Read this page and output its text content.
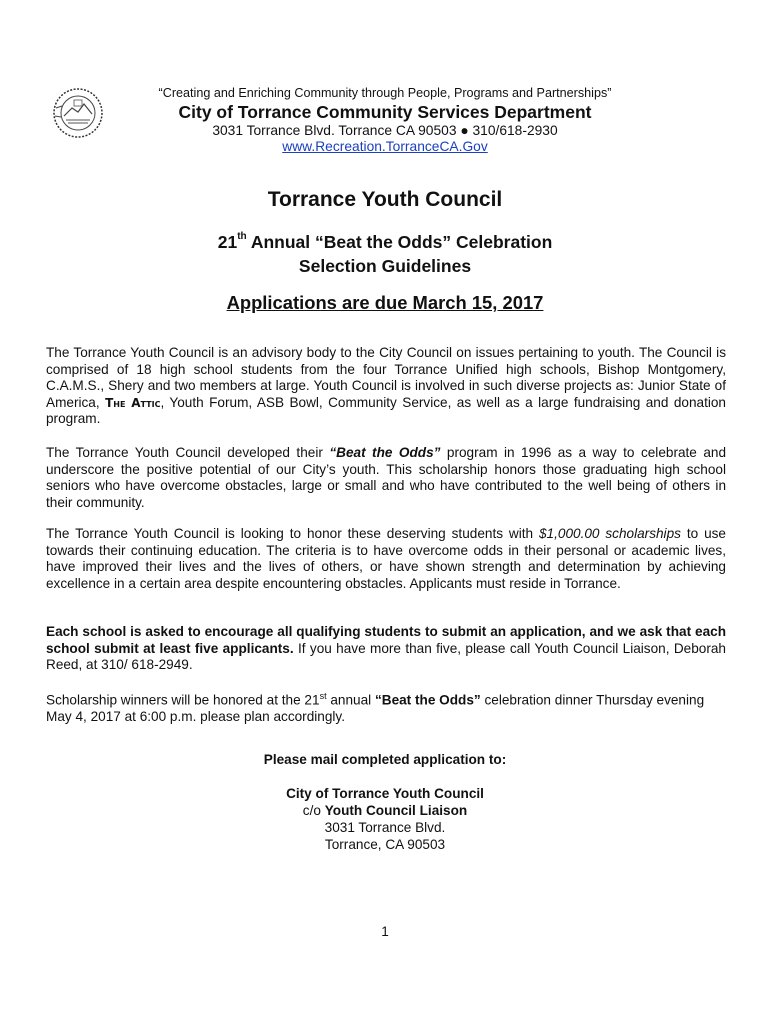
“Creating and Enriching Community through People, Programs and Partnerships”
City of Torrance Community Services Department
3031 Torrance Blvd. Torrance CA 90503 ● 310/618-2930
www.Recreation.TorranceCA.Gov
Torrance Youth Council
21th Annual “Beat the Odds” Celebration
Selection Guidelines
Applications are due March 15, 2017

The Torrance Youth Council is an advisory body to the City Council on issues pertaining to youth. The Council is comprised of 18 high school students from the four Torrance Unified high schools, Bishop Montgomery, C.A.M.S., Shery and two members at large. Youth Council is involved in such diverse projects as: Junior State of America, The Attic, Youth Forum, ASB Bowl, Community Service, as well as a large fundraising and donation program.

The Torrance Youth Council developed their “Beat the Odds” program in 1996 as a way to celebrate and underscore the positive potential of our City’s youth. This scholarship honors those graduating high school seniors who have overcome obstacles, large or small and who have contributed to the well being of others in their community.

The Torrance Youth Council is looking to honor these deserving students with $1,000.00 scholarships to use towards their continuing education. The criteria is to have overcome odds in their personal or academic lives, have improved their lives and the lives of others, or have shown strength and determination by achieving excellence in a certain area despite encountering obstacles. Applicants must reside in Torrance.

Each school is asked to encourage all qualifying students to submit an application, and we ask that each school submit at least five applicants. If you have more than five, please call Youth Council Liaison, Deborah Reed, at 310/ 618-2949.

Scholarship winners will be honored at the 21st annual “Beat the Odds” celebration dinner Thursday evening May 4, 2017 at 6:00 p.m. please plan accordingly.

Please mail completed application to:
City of Torrance Youth Council
c/o Youth Council Liaison
3031 Torrance Blvd.
Torrance, CA 90503
1
